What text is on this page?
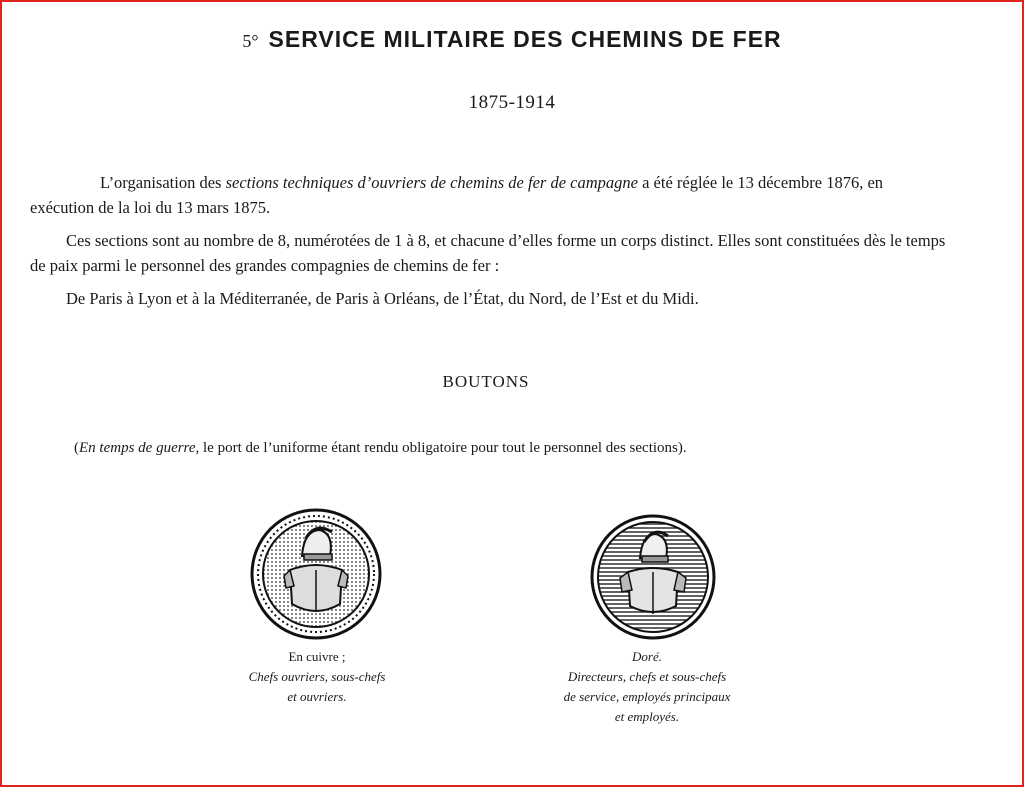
5° SERVICE MILITAIRE DES CHEMINS DE FER
1875-1914
L’organisation des sections techniques d’ouvriers de chemins de fer de campagne a été réglée le 13 décembre 1876, en exécution de la loi du 13 mars 1875.
Ces sections sont au nombre de 8, numérotées de 1 à 8, et chacune d’elles forme un corps distinct. Elles sont constituées dès le temps de paix parmi le personnel des grandes compagnies de chemins de fer :
De Paris à Lyon et à la Méditerranée, de Paris à Orléans, de l’État, du Nord, de l’Est et du Midi.
BOUTONS
(En temps de guerre, le port de l’uniforme étant rendu obligatoire pour tout le personnel des sections).
En cuivre ;
Chefs ouvriers, sous-chefs
et ouvriers.
Doré.
Directeurs, chefs et sous-chefs
de service, employés principaux
et employés.
